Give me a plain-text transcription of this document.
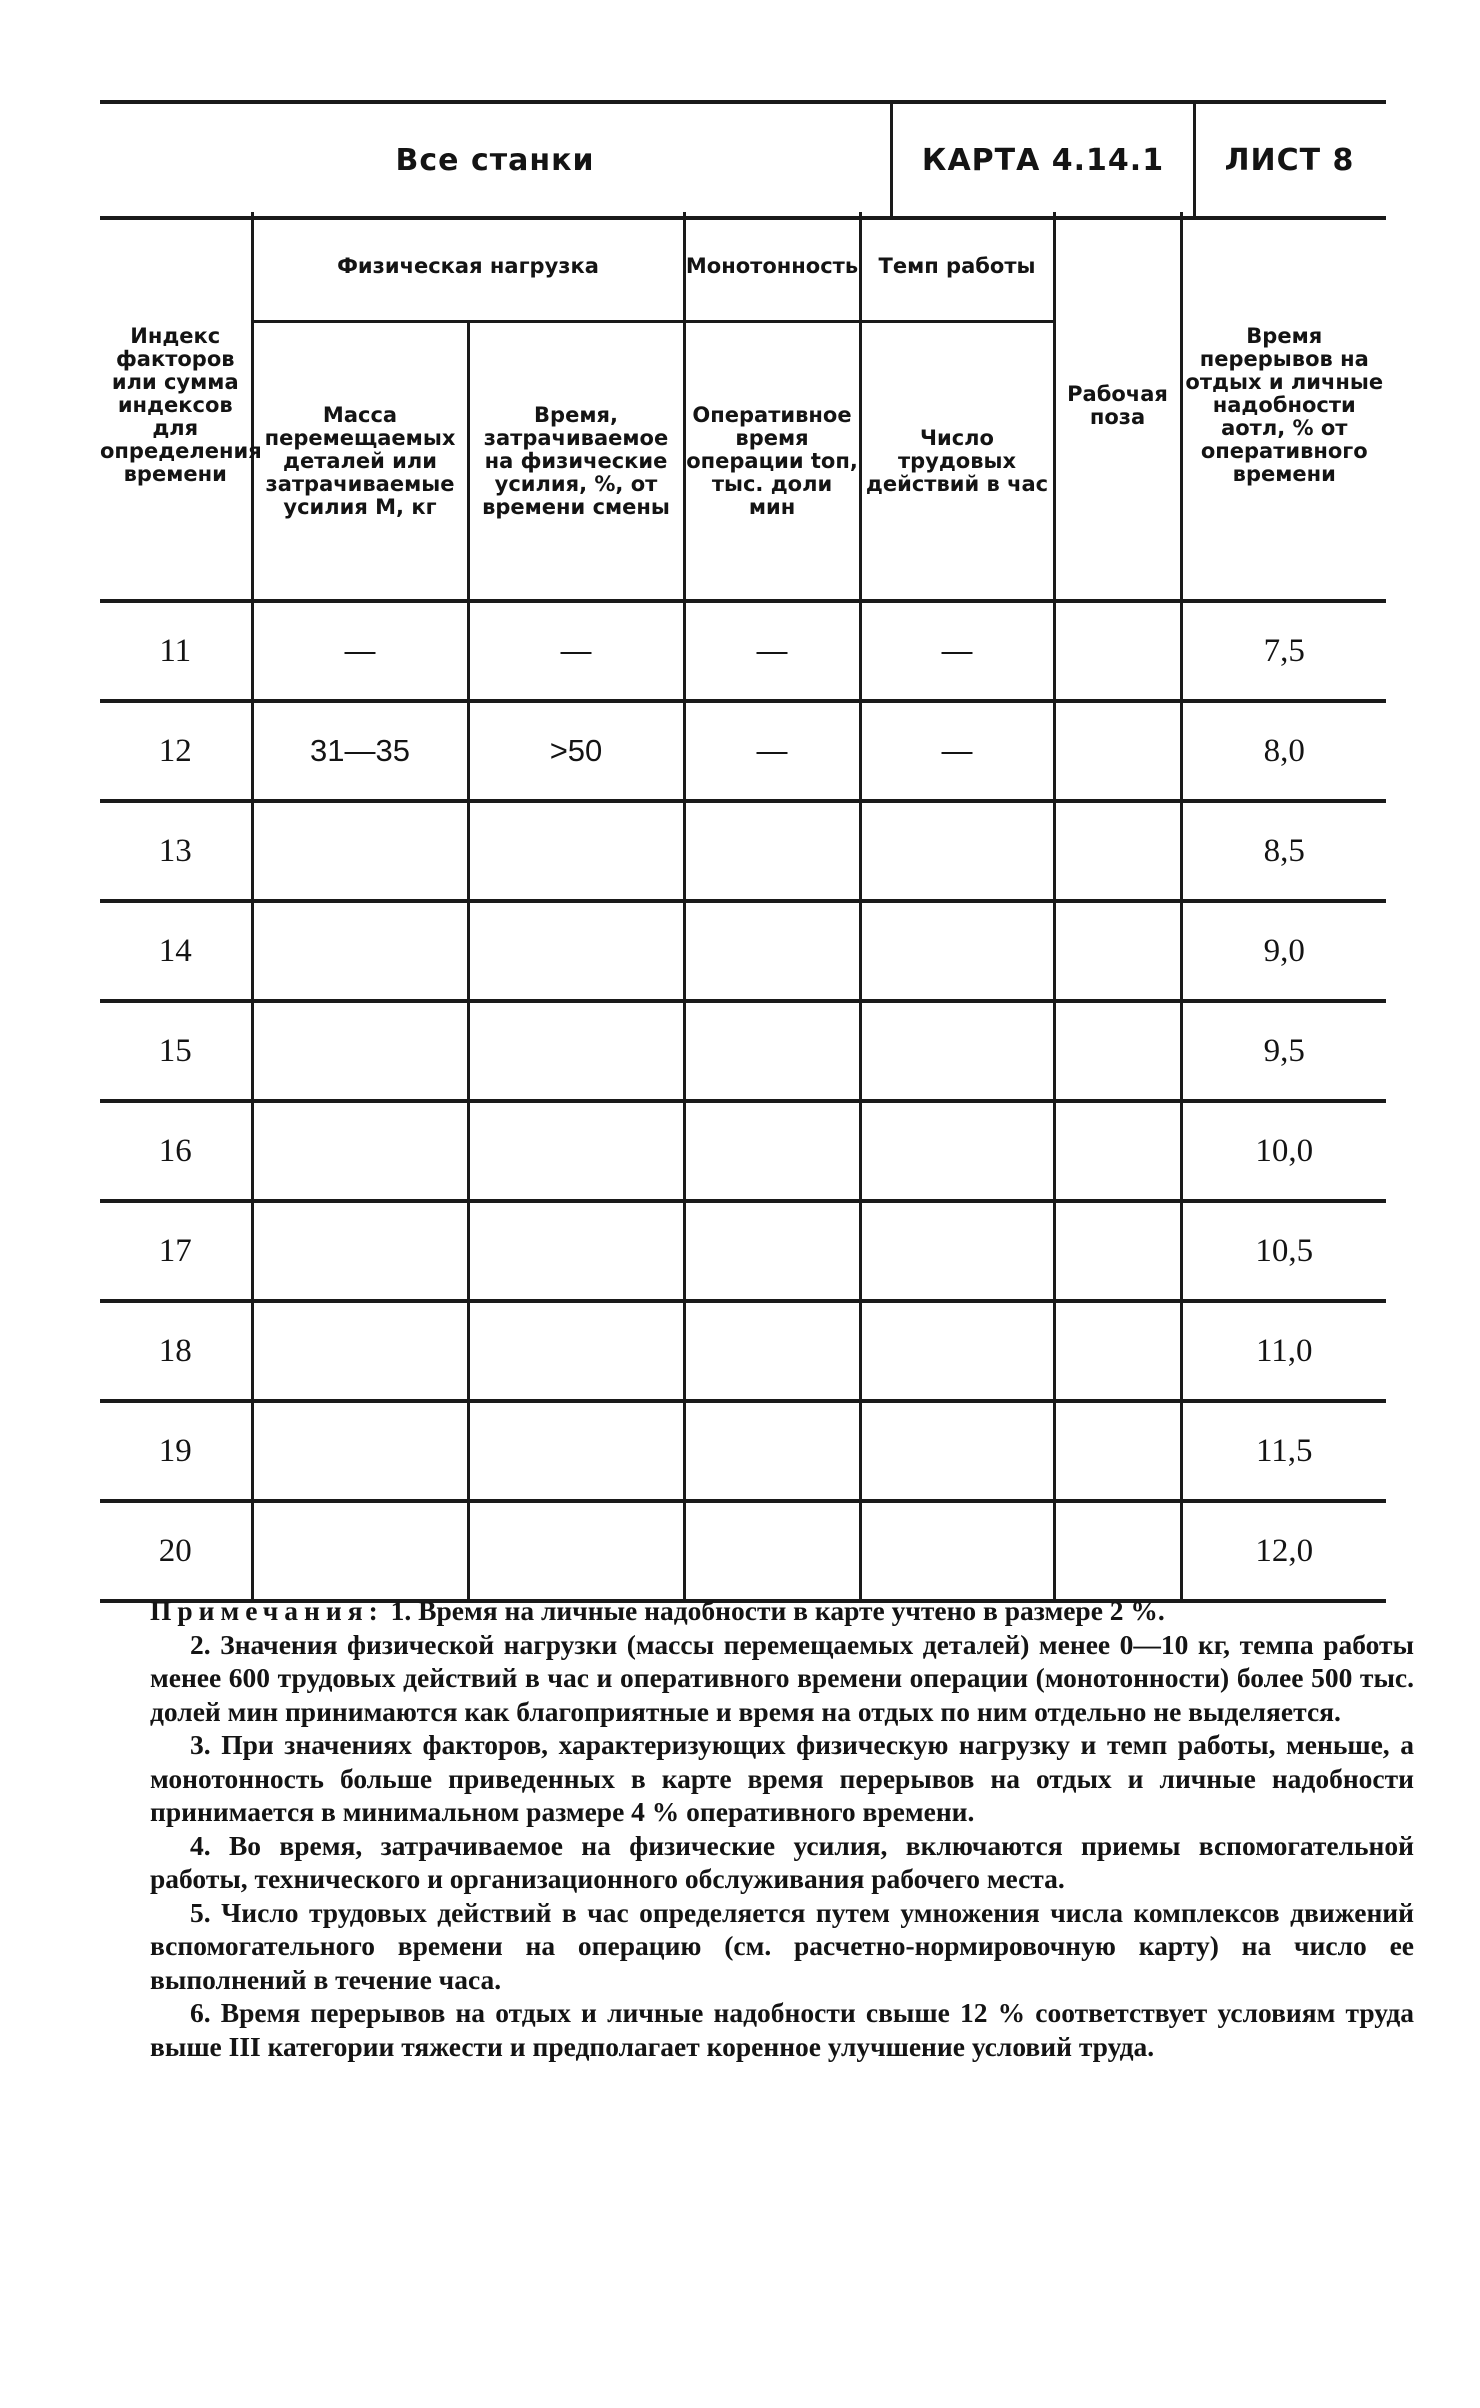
Все станки	КАРТА 4.14.1	ЛИСТ 8
Индекс факторов или сумма индексов для определения времени	Физическая нагрузка		Монотонность	Темп работы	Рабочая поза	Время перерывов на отдых и личные надобности аотл, % от оперативного времени
	Масса перемещаемых деталей или затрачиваемые усилия M, кг	Время, затрачиваемое на физические усилия, %, от времени смены	Оперативное время операции tоп, тыс. доли мин	Число трудовых действий в час		
11	—	—	—	—		7,5
12	31—35	>50	—	—		8,0
13						8,5
14						9,0
15						9,5
16						10,0
17						10,5
18						11,0
19						11,5
20						12,0

Примечания: 1. Время на личные надобности в карте учтено в размере 2 %.

2. Значения физической нагрузки (массы перемещаемых деталей) менее 0—10 кг, темпа работы менее 600 трудовых действий в час и оперативного времени операции (монотонности) более 500 тыс. долей мин принимаются как благоприятные и время на отдых по ним отдельно не выделяется.

3. При значениях факторов, характеризующих физическую нагрузку и темп работы, меньше, а монотонность больше приведенных в карте время перерывов на отдых и личные надобности принимается в минимальном размере 4 % оперативного времени.

4. Во время, затрачиваемое на физические усилия, включаются приемы вспомогательной работы, технического и организационного обслуживания рабочего места.

5. Число трудовых действий в час определяется путем умножения числа комплексов движений вспомогательного времени на операцию (см. расчетно-нормировочную карту) на число ее выполнений в течение часа.

6. Время перерывов на отдых и личные надобности свыше 12 % соответствует условиям труда выше III категории тяжести и предполагает коренное улучшение условий труда.
